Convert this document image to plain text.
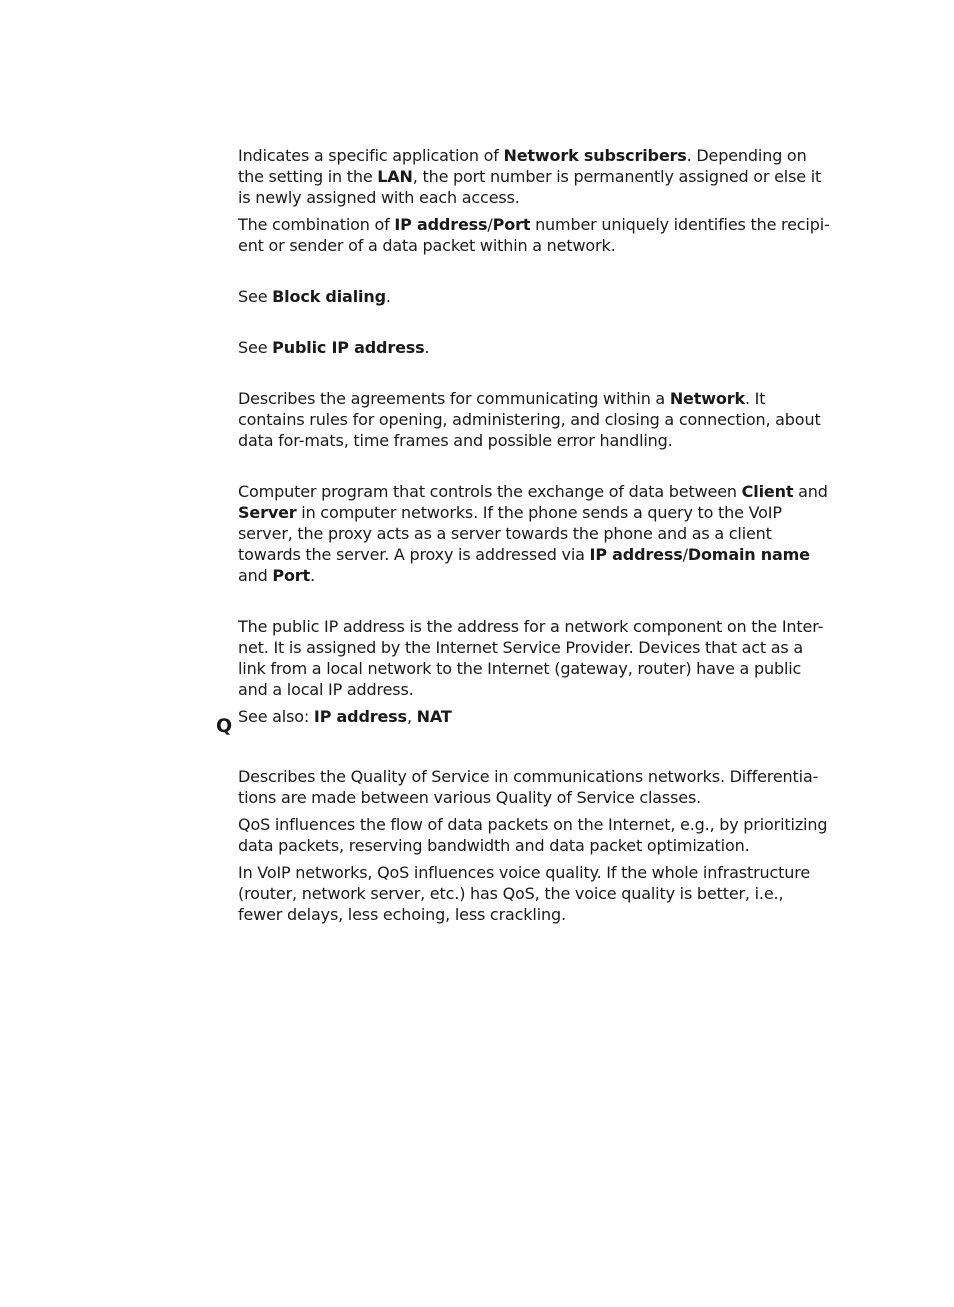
Indicates a specific application of Network subscribers. Depending on the setting in the LAN, the port number is permanently assigned or else it is newly assigned with each access.

The combination of IP address/Port number uniquely identifies the recipi-ent or sender of a data packet within a network.

See Block dialing.

See Public IP address.

Describes the agreements for communicating within a Network. It contains rules for opening, administering, and closing a connection, about data for-mats, time frames and possible error handling.

Computer program that controls the exchange of data between Client and Server in computer networks. If the phone sends a query to the VoIP server, the proxy acts as a server towards the phone and as a client towards the server. A proxy is addressed via IP address/Domain name and Port.

The public IP address is the address for a network component on the Inter-net. It is assigned by the Internet Service Provider. Devices that act as a link from a local network to the Internet (gateway, router) have a public and a local IP address.

See also: IP address, NAT

Q

Describes the Quality of Service in communications networks. Differentia-tions are made between various Quality of Service classes.

QoS influences the flow of data packets on the Internet, e.g., by prioritizing data packets, reserving bandwidth and data packet optimization.

In VoIP networks, QoS influences voice quality. If the whole infrastructure (router, network server, etc.) has QoS, the voice quality is better, i.e., fewer delays, less echoing, less crackling.
